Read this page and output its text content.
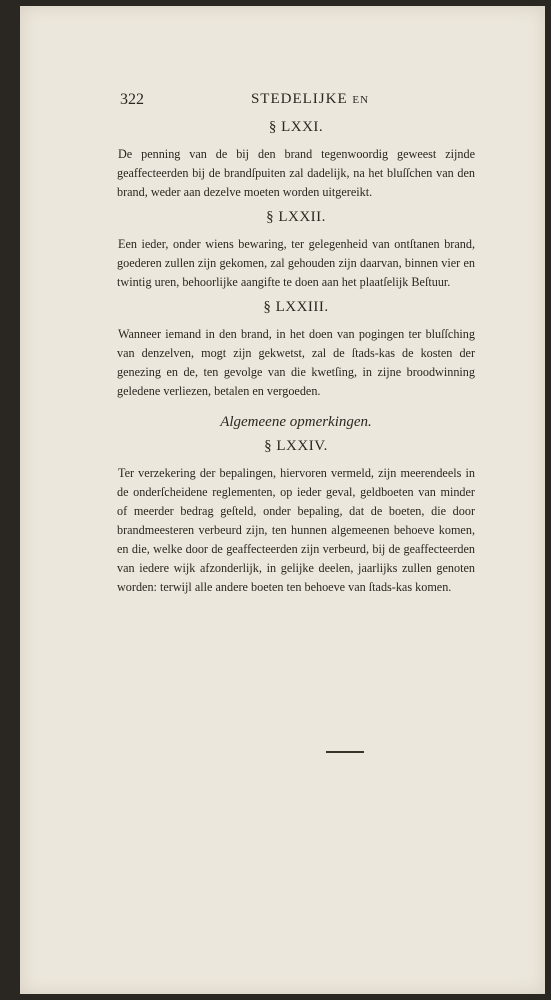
322	STEDELIJKE EN
§ LXXI.

De penning van de bij den brand tegenwoordig geweest zijnde geaffecteerden bij de brandſpuiten zal dadelijk, na het bluſſchen van den brand, weder aan dezelve moeten worden uitgereikt.

§ LXXII.

Een ieder, onder wiens bewaring, ter gelegenheid van ontſtanen brand, goederen zullen zijn gekomen, zal gehouden zijn daarvan, binnen vier en twintig uren, behoorlijke aangifte te doen aan het plaatſelijk Beſtuur.

§ LXXIII.

Wanneer iemand in den brand, in het doen van pogingen ter bluſſching van denzelven, mogt zijn gekwetst, zal de ſtads-kas de kosten der genezing en de, ten gevolge van die kwetſing, in zijne broodwinning geledene verliezen, betalen en vergoeden.

Algemeene opmerkingen.
§ LXXIV.

Ter verzekering der bepalingen, hiervoren vermeld, zijn meerendeels in de onderſcheidene reglementen, op ieder geval, geldboeten van minder of meerder bedrag geſteld, onder bepaling, dat de boeten, die door brandmeesteren verbeurd zijn, ten hunnen algemeenen behoeve komen, en die, welke door de geaffecteerden zijn verbeurd, bij de geaffecteerden van iedere wijk afzonderlijk, in gelijke deelen, jaarlijks zullen genoten worden: terwijl alle andere boeten ten behoeve van ſtads-kas komen.
